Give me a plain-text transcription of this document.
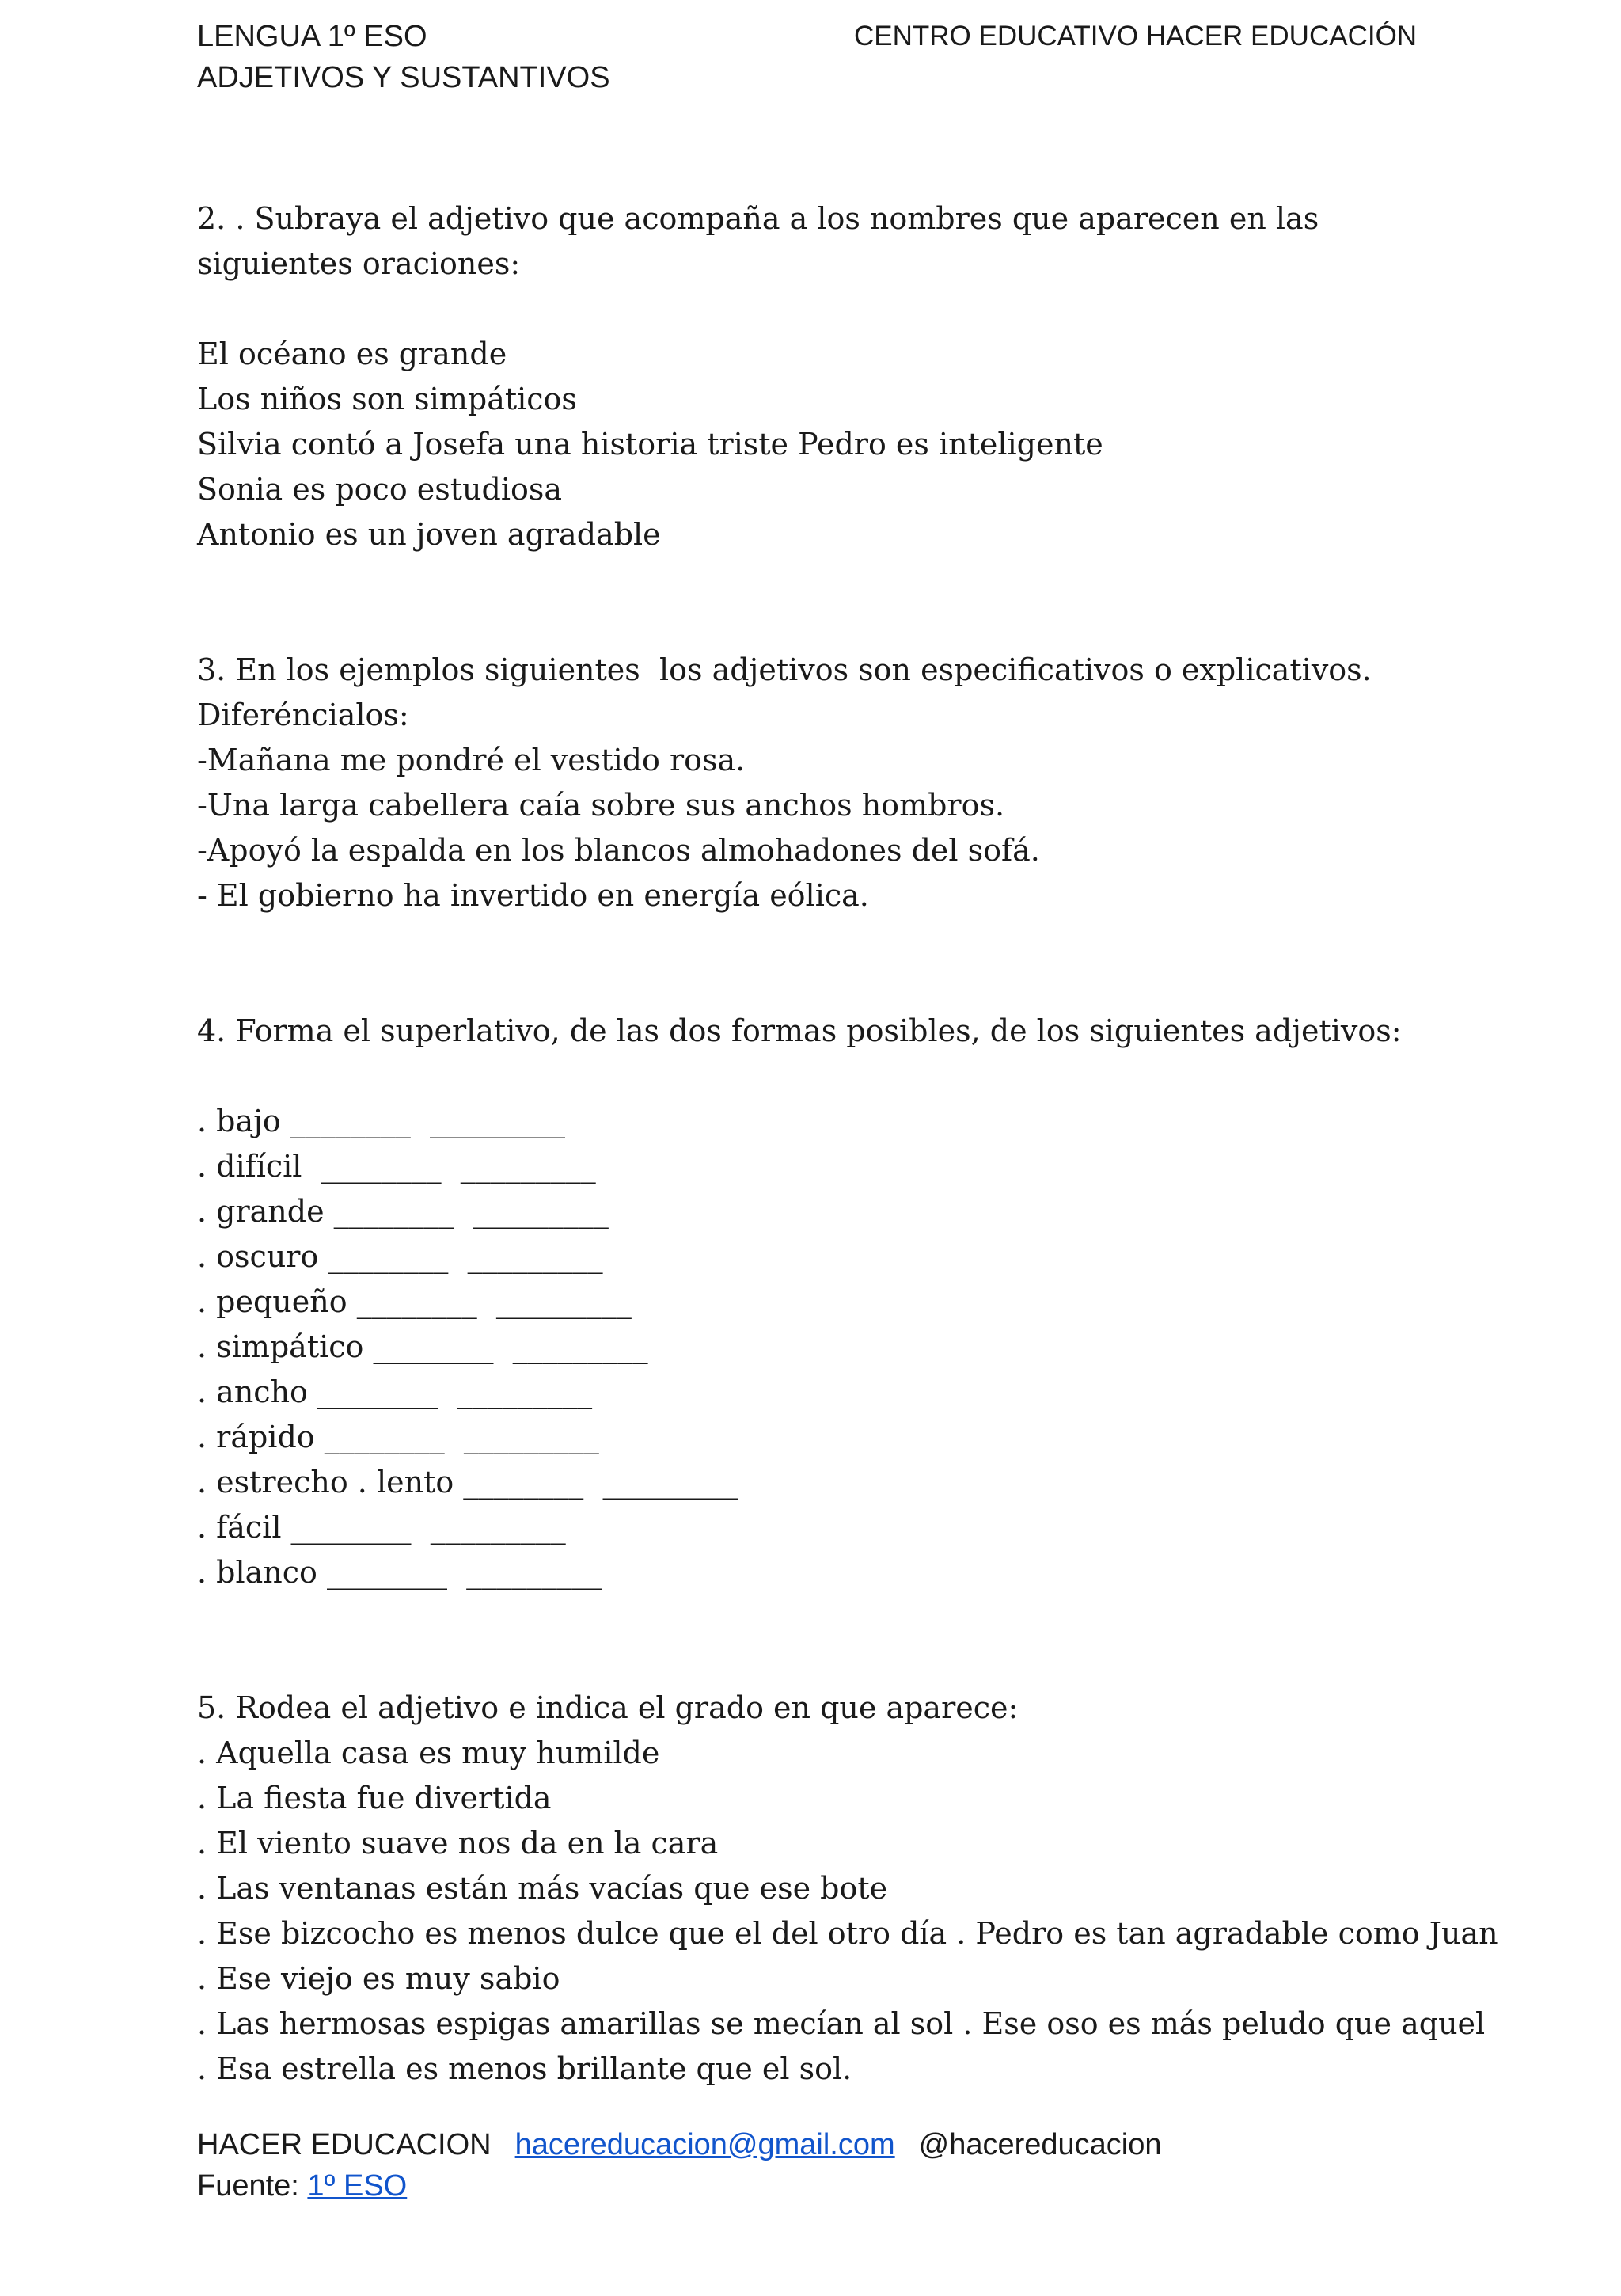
LENGUA 1º ESO
ADJETIVOS Y SUSTANTIVOS
CENTRO EDUCATIVO HACER EDUCACIÓN
2. . Subraya el adjetivo que acompaña a los nombres que aparecen en las siguientes oraciones:
El océano es grande
Los niños son simpáticos
Silvia contó a Josefa una historia triste Pedro es inteligente
Sonia es poco estudiosa
Antonio es un joven agradable
3. En los ejemplos siguientes  los adjetivos son especificativos o explicativos.
Diferéncialos:
-Mañana me pondré el vestido rosa.
-Una larga cabellera caía sobre sus anchos hombros.
-Apoyó la espalda en los blancos almohadones del sofá.
- El gobierno ha invertido en energía eólica.
4. Forma el superlativo, de las dos formas posibles, de los siguientes adjetivos:
. bajo ________  _________
. difícil  ________  _________
. grande ________  _________
. oscuro ________  _________
. pequeño ________  _________
. simpático ________  _________
. ancho ________  _________
. rápido ________  _________
. estrecho . lento ________  _________
. fácil ________  _________
. blanco ________  _________
5. Rodea el adjetivo e indica el grado en que aparece:
. Aquella casa es muy humilde
. La fiesta fue divertida
. El viento suave nos da en la cara
. Las ventanas están más vacías que ese bote
. Ese bizcocho es menos dulce que el del otro día . Pedro es tan agradable como Juan
. Ese viejo es muy sabio
. Las hermosas espigas amarillas se mecían al sol . Ese oso es más peludo que aquel
. Esa estrella es menos brillante que el sol.
HACER EDUCACION hacereducacion@gmail.com @hacereducacion
Fuente: 1º ESO
